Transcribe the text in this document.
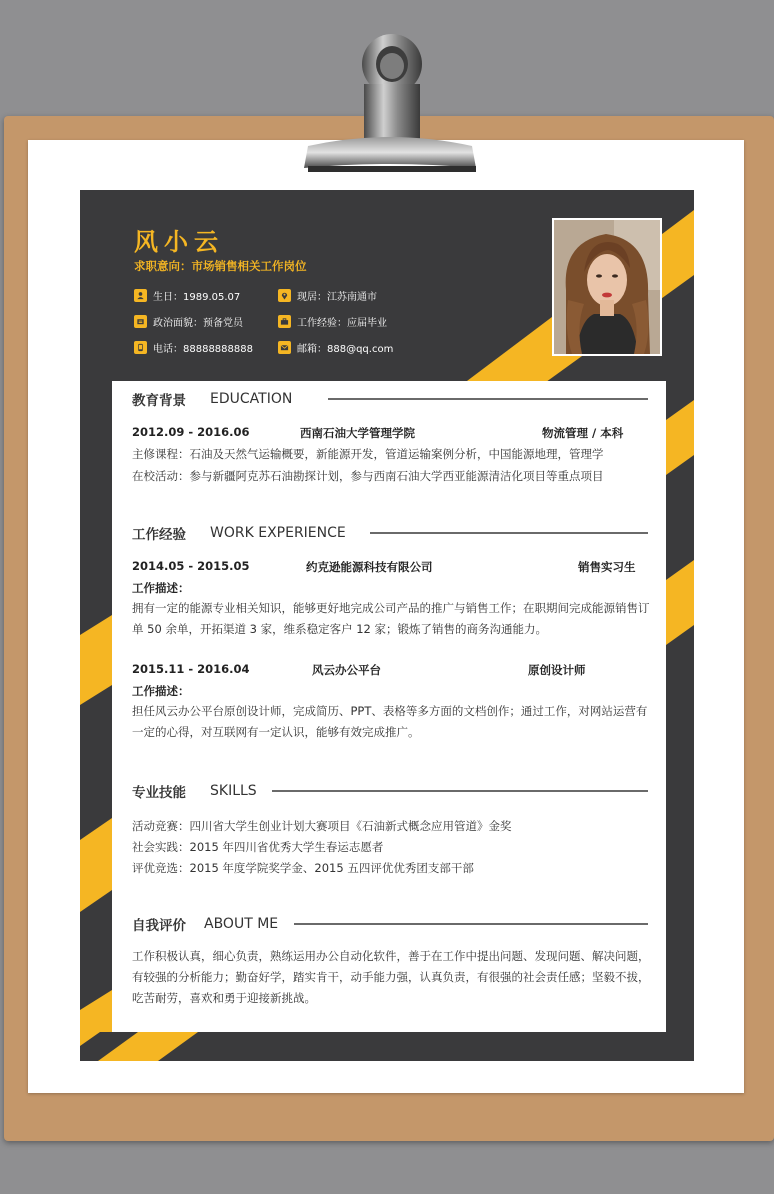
风小云
求职意向：市场销售相关工作岗位
生日：1989.05.07	现居：江苏南通市
政治面貌：预备党员	工作经验：应届毕业
电话：88888888888	邮箱：888@qq.com
教育背景 EDUCATION
2012.09 - 2016.06	西南石油大学管理学院	物流管理 / 本科
主修课程：石油及天然气运输概要，新能源开发，管道运输案例分析，中国能源地理，管理学
在校活动：参与新疆阿克苏石油勘探计划，参与西南石油大学西亚能源清洁化项目等重点项目
工作经验 WORK EXPERIENCE
2014.05 - 2015.05	约克逊能源科技有限公司	销售实习生
工作描述：
拥有一定的能源专业相关知识，能够更好地完成公司产品的推广与销售工作；在职期间完成能源销售订单 50 余单，开拓渠道 3 家，维系稳定客户 12 家；锻炼了销售的商务沟通能力。
2015.11 - 2016.04	风云办公平台	原创设计师
工作描述：
担任风云办公平台原创设计师，完成简历、PPT、表格等多方面的文档创作；通过工作，对网站运营有一定的心得，对互联网有一定认识，能够有效完成推广。
专业技能 SKILLS
活动竞赛：四川省大学生创业计划大赛项目《石油新式概念应用管道》金奖
社会实践：2015 年四川省优秀大学生春运志愿者
评优竞选：2015 年度学院奖学金、2015 五四评优优秀团支部干部
自我评价 ABOUT ME
工作积极认真，细心负责，熟练运用办公自动化软件，善于在工作中提出问题、发现问题、解决问题，有较强的分析能力；勤奋好学，踏实肯干，动手能力强，认真负责，有很强的社会责任感；坚毅不拔，吃苦耐劳，喜欢和勇于迎接新挑战。
